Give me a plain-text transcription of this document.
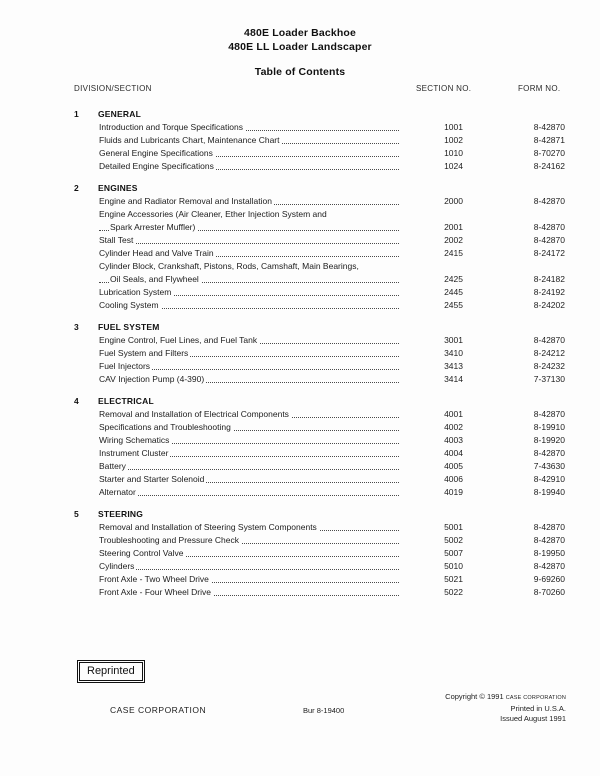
480E Loader Backhoe
480E LL Loader Landscaper
Table of Contents
DIVISION/SECTION	SECTION NO.	FORM NO.
1 GENERAL
Introduction and Torque Specifications	1001	8-42870
Fluids and Lubricants Chart, Maintenance Chart	1002	8-42871
General Engine Specifications	1010	8-70270
Detailed Engine Specifications	1024	8-24162
2 ENGINES
Engine and Radiator Removal and Installation	2000	8-42870
Engine Accessories (Air Cleaner, Ether Injection System and
Spark Arrester Muffler)	2001	8-42870
Stall Test	2002	8-42870
Cylinder Head and Valve Train	2415	8-24172
Cylinder Block, Crankshaft, Pistons, Rods, Camshaft, Main Bearings,
Oil Seals, and Flywheel	2425	8-24182
Lubrication System	2445	8-24192
Cooling System	2455	8-24202
3 FUEL SYSTEM
Engine Control, Fuel Lines, and Fuel Tank	3001	8-42870
Fuel System and Filters	3410	8-24212
Fuel Injectors	3413	8-24232
CAV Injection Pump (4-390)	3414	7-37130
4 ELECTRICAL
Removal and Installation of Electrical Components	4001	8-42870
Specifications and Troubleshooting	4002	8-19910
Wiring Schematics	4003	8-19920
Instrument Cluster	4004	8-42870
Battery	4005	7-43630
Starter and Starter Solenoid	4006	8-42910
Alternator	4019	8-19940
5 STEERING
Removal and Installation of Steering System Components	5001	8-42870
Troubleshooting and Pressure Check	5002	8-42870
Steering Control Valve	5007	8-19950
Cylinders	5010	8-42870
Front Axle - Two Wheel Drive	5021	9-69260
Front Axle - Four Wheel Drive	5022	8-70260
Reprinted
CASE CORPORATION	Bur 8-19400
Copyright © 1991 CASE CORPORATION
Printed in U.S.A.
Issued August 1991
